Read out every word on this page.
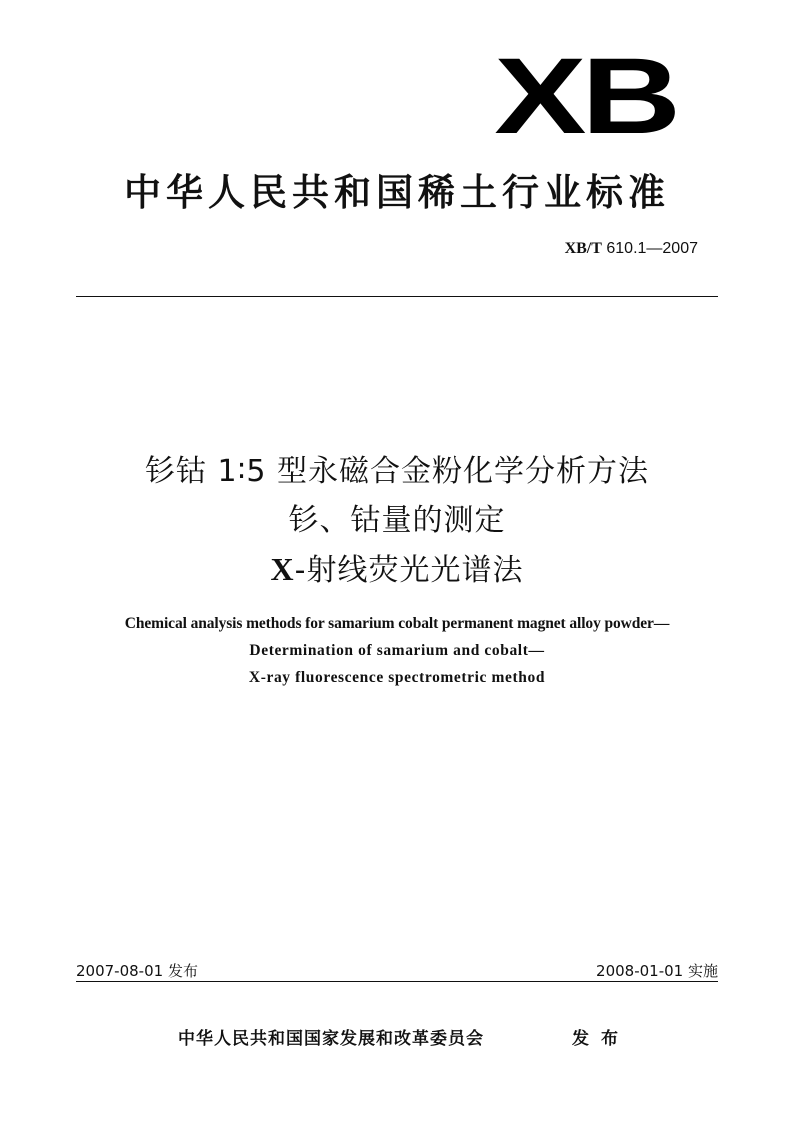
XB
中华人民共和国稀土行业标准
XB/T 610.1—2007
钐钴 1∶5 型永磁合金粉化学分析方法
钐、钴量的测定
X-射线荧光光谱法
Chemical analysis methods for samarium cobalt permanent magnet alloy powder—
Determination of samarium and cobalt—
X-ray fluorescence spectrometric method
2007-08-01 发布	2008-01-01 实施
中华人民共和国国家发展和改革委员会	发布
